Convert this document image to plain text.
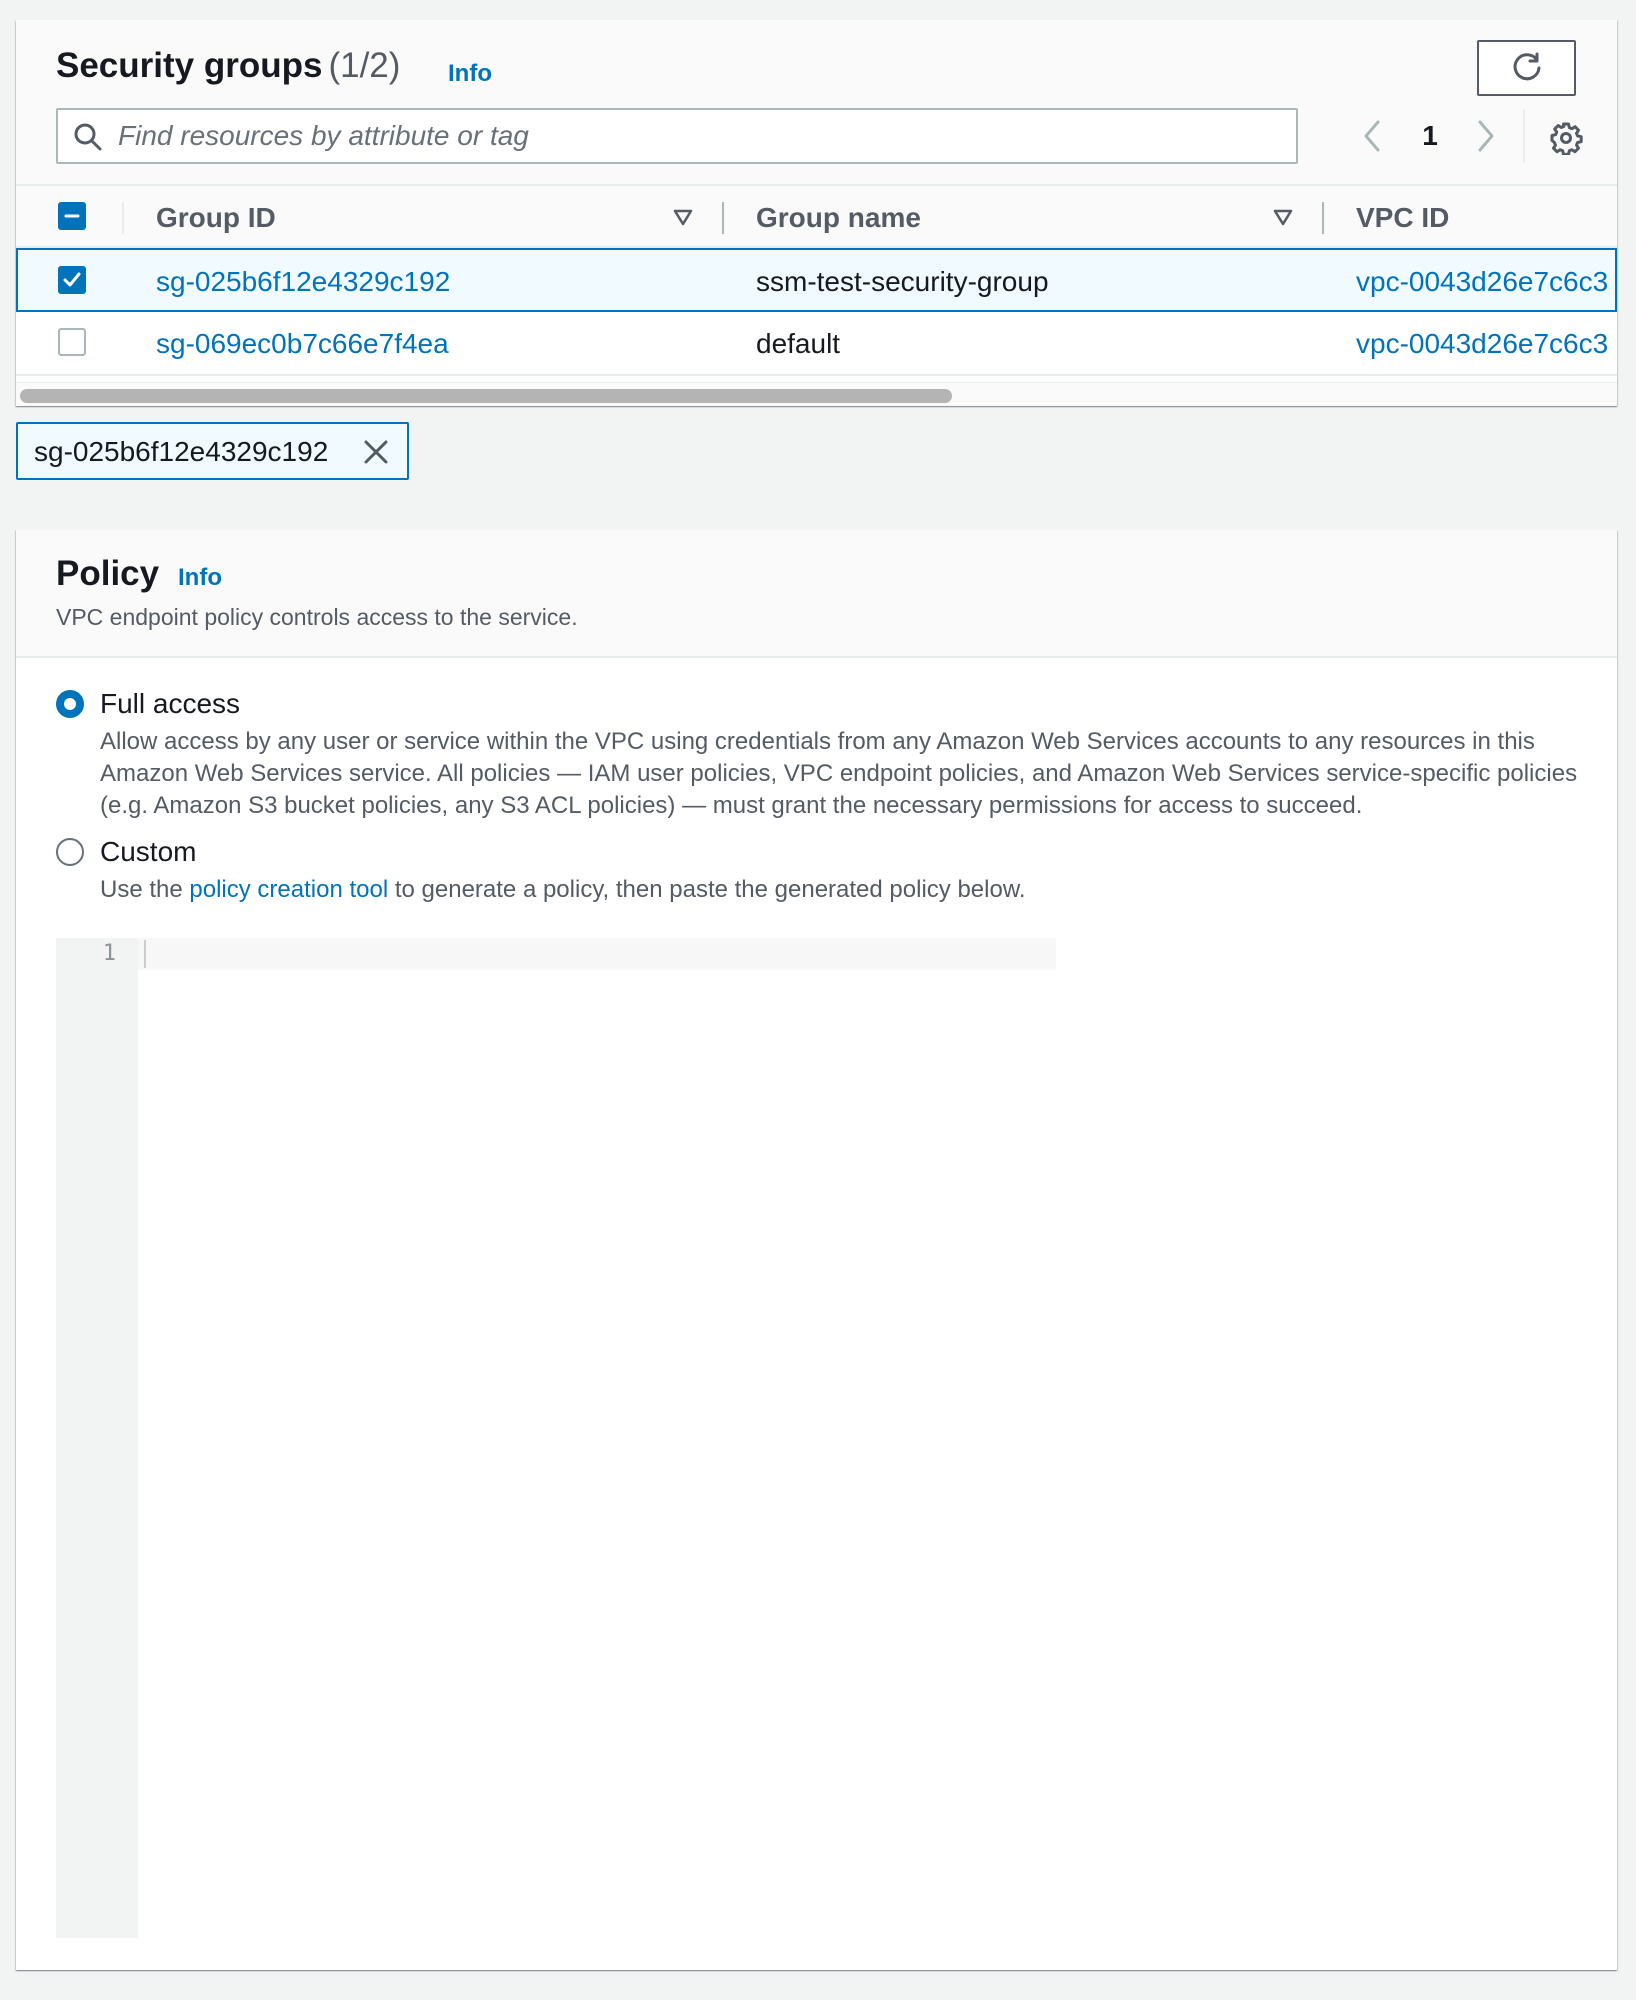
Security groups (1/2) Info
Find resources by attribute or tag
1
Group ID	Group name	VPC ID
sg-025b6f12e4329c192	ssm-test-security-group	vpc-0043d26e7c6c3
sg-069ec0b7c66e7f4ea	default	vpc-0043d26e7c6c3
sg-025b6f12e4329c192
Policy Info
VPC endpoint policy controls access to the service.
Full access
Allow access by any user or service within the VPC using credentials from any Amazon Web Services accounts to any resources in this
Amazon Web Services service. All policies — IAM user policies, VPC endpoint policies, and Amazon Web Services service-specific policies
(e.g. Amazon S3 bucket policies, any S3 ACL policies) — must grant the necessary permissions for access to succeed.
Custom
Use the policy creation tool to generate a policy, then paste the generated policy below.
1
